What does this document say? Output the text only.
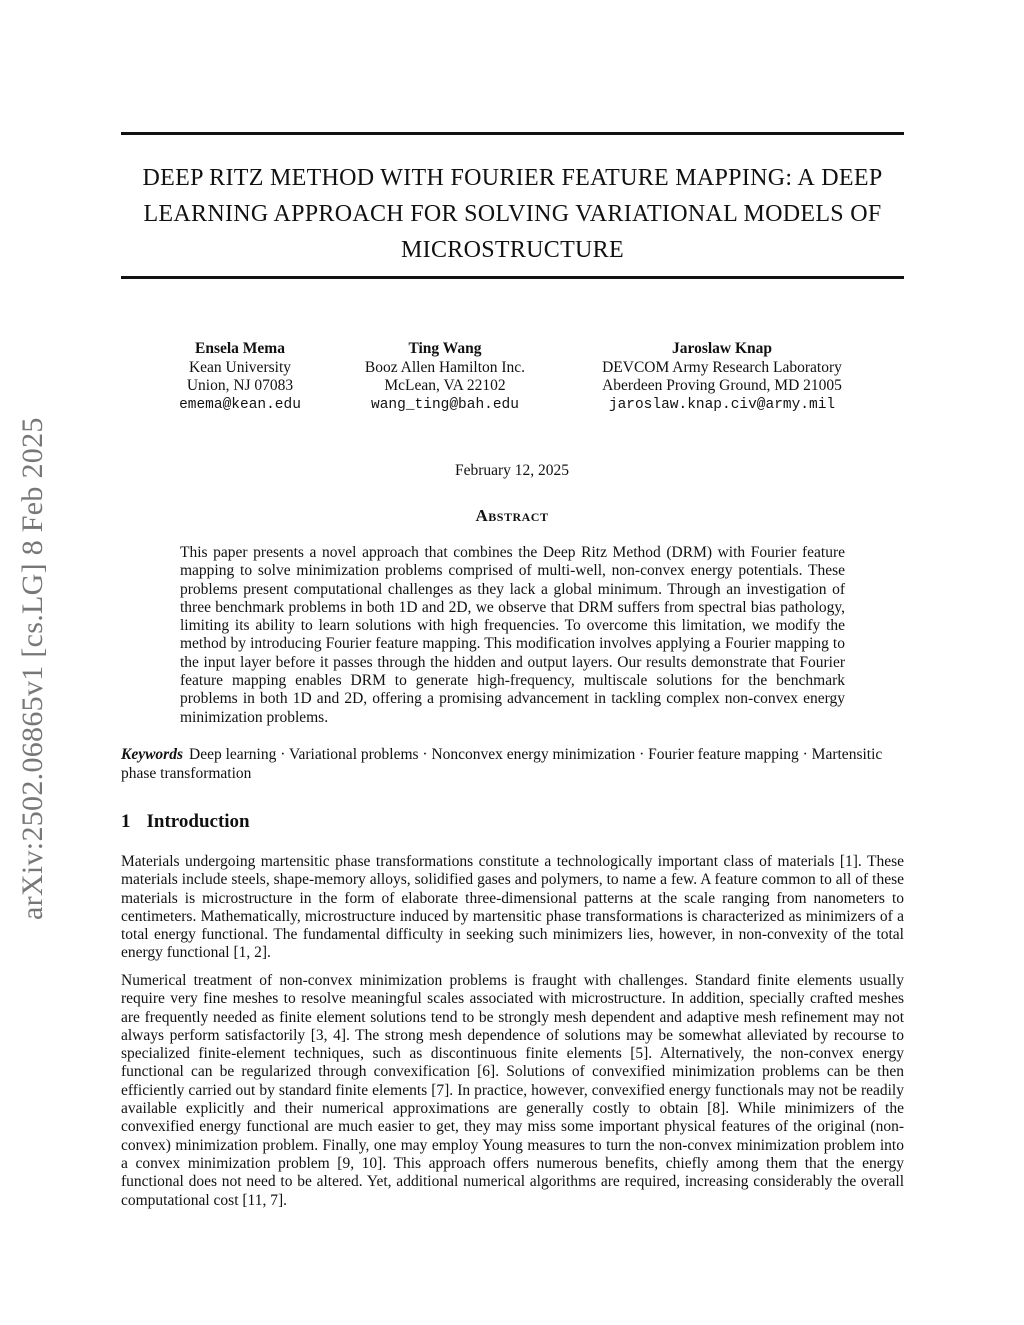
arXiv:2502.06865v1 [cs.LG] 8 Feb 2025
DEEP RITZ METHOD WITH FOURIER FEATURE MAPPING: A DEEP
LEARNING APPROACH FOR SOLVING VARIATIONAL MODELS OF
MICROSTRUCTURE
Ensela Mema
Kean University
Union, NJ 07083
emema@kean.edu
Ting Wang
Booz Allen Hamilton Inc.
McLean, VA 22102
wang_ting@bah.edu
Jaroslaw Knap
DEVCOM Army Research Laboratory
Aberdeen Proving Ground, MD 21005
jaroslaw.knap.civ@army.mil
February 12, 2025
Abstract
This paper presents a novel approach that combines the Deep Ritz Method (DRM) with Fourier feature mapping to solve minimization problems comprised of multi-well, non-convex energy potentials. These problems present computational challenges as they lack a global minimum. Through an investigation of three benchmark problems in both 1D and 2D, we observe that DRM suffers from spectral bias pathology, limiting its ability to learn solutions with high frequencies. To overcome this limitation, we modify the method by introducing Fourier feature mapping. This modification involves applying a Fourier mapping to the input layer before it passes through the hidden and output layers. Our results demonstrate that Fourier feature mapping enables DRM to generate high-frequency, multiscale solutions for the benchmark problems in both 1D and 2D, offering a promising advancement in tackling complex non-convex energy minimization problems.
Keywords Deep learning · Variational problems · Nonconvex energy minimization · Fourier feature mapping · Martensitic phase transformation
1 Introduction
Materials undergoing martensitic phase transformations constitute a technologically important class of materials [1]. These materials include steels, shape-memory alloys, solidified gases and polymers, to name a few. A feature common to all of these materials is microstructure in the form of elaborate three-dimensional patterns at the scale ranging from nanometers to centimeters. Mathematically, microstructure induced by martensitic phase transformations is characterized as minimizers of a total energy functional. The fundamental difficulty in seeking such minimizers lies, however, in non-convexity of the total energy functional [1, 2].
Numerical treatment of non-convex minimization problems is fraught with challenges. Standard finite elements usually require very fine meshes to resolve meaningful scales associated with microstructure. In addition, specially crafted meshes are frequently needed as finite element solutions tend to be strongly mesh dependent and adaptive mesh refinement may not always perform satisfactorily [3, 4]. The strong mesh dependence of solutions may be somewhat alleviated by recourse to specialized finite-element techniques, such as discontinuous finite elements [5]. Alternatively, the non-convex energy functional can be regularized through convexification [6]. Solutions of convexified minimization problems can be then efficiently carried out by standard finite elements [7]. In practice, however, convexified energy functionals may not be readily available explicitly and their numerical approximations are generally costly to obtain [8]. While minimizers of the convexified energy functional are much easier to get, they may miss some important physical features of the original (non-convex) minimization problem. Finally, one may employ Young measures to turn the non-convex minimization problem into a convex minimization problem [9, 10]. This approach offers numerous benefits, chiefly among them that the energy functional does not need to be altered. Yet, additional numerical algorithms are required, increasing considerably the overall computational cost [11, 7].
